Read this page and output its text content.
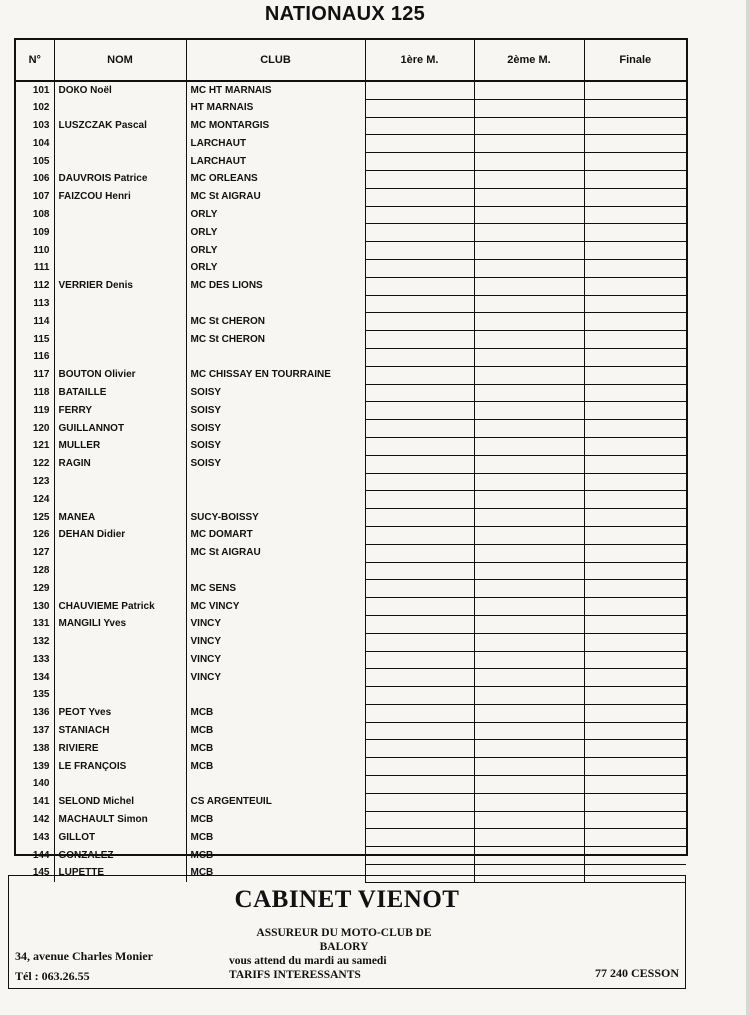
NATIONAUX 125
N°	NOM	CLUB	1ère M.	2ème M.	Finale
101	DOКO Noël	MC HT MARNAIS			
102		HT MARNAIS			
103	LUSZCZAK Pascal	MC MONTARGIS			
104		LARCHAUT			
105		LARCHAUT			
106	DAUVROIS Patrice	MC ORLEANS			
107	FAIZCOU Henri	MC St AIGRAU			
108		ORLY			
109		ORLY			
110		ORLY			
111		ORLY			
112	VERRIER Denis	MC DES LIONS			
113					
114		MC St CHERON			
115		MC St CHERON			
116					
117	BOUTON Olivier	MC CHISSAY EN TOURRAINE			
118	BATAILLE	SOISY			
119	FERRY	SOISY			
120	GUILLANNOT	SOISY			
121	MULLER	SOISY			
122	RAGIN	SOISY			
123					
124					
125	MANEA	SUCY-BOISSY			
126	DEHAN Didier	MC DOMART			
127		MC St AIGRAU			
128					
129		MC SENS			
130	CHAUVIEME Patrick	MC VINCY			
131	MANGILI Yves	VINCY			
132		VINCY			
133		VINCY			
134		VINCY			
135					
136	PEOT Yves	MCB			
137	STANIACH	MCB			
138	RIVIERE	MCB			
139	LE FRANÇOIS	MCB			
140					
141	SELOND Michel	CS ARGENTEUIL			
142	MACHAULT Simon	MCB			
143	GILLOT	MCB			
144	GONZALEZ	MCB			
145	LUPETTE	MCB			
CABINET VIENOT
ASSUREUR DU MOTO-CLUB DE
BALORY
vous attend du mardi au samedi
TARIFS INTERESSANTS
34, avenue Charles Monier
Tél : 063.26.55	77 240 CESSON
